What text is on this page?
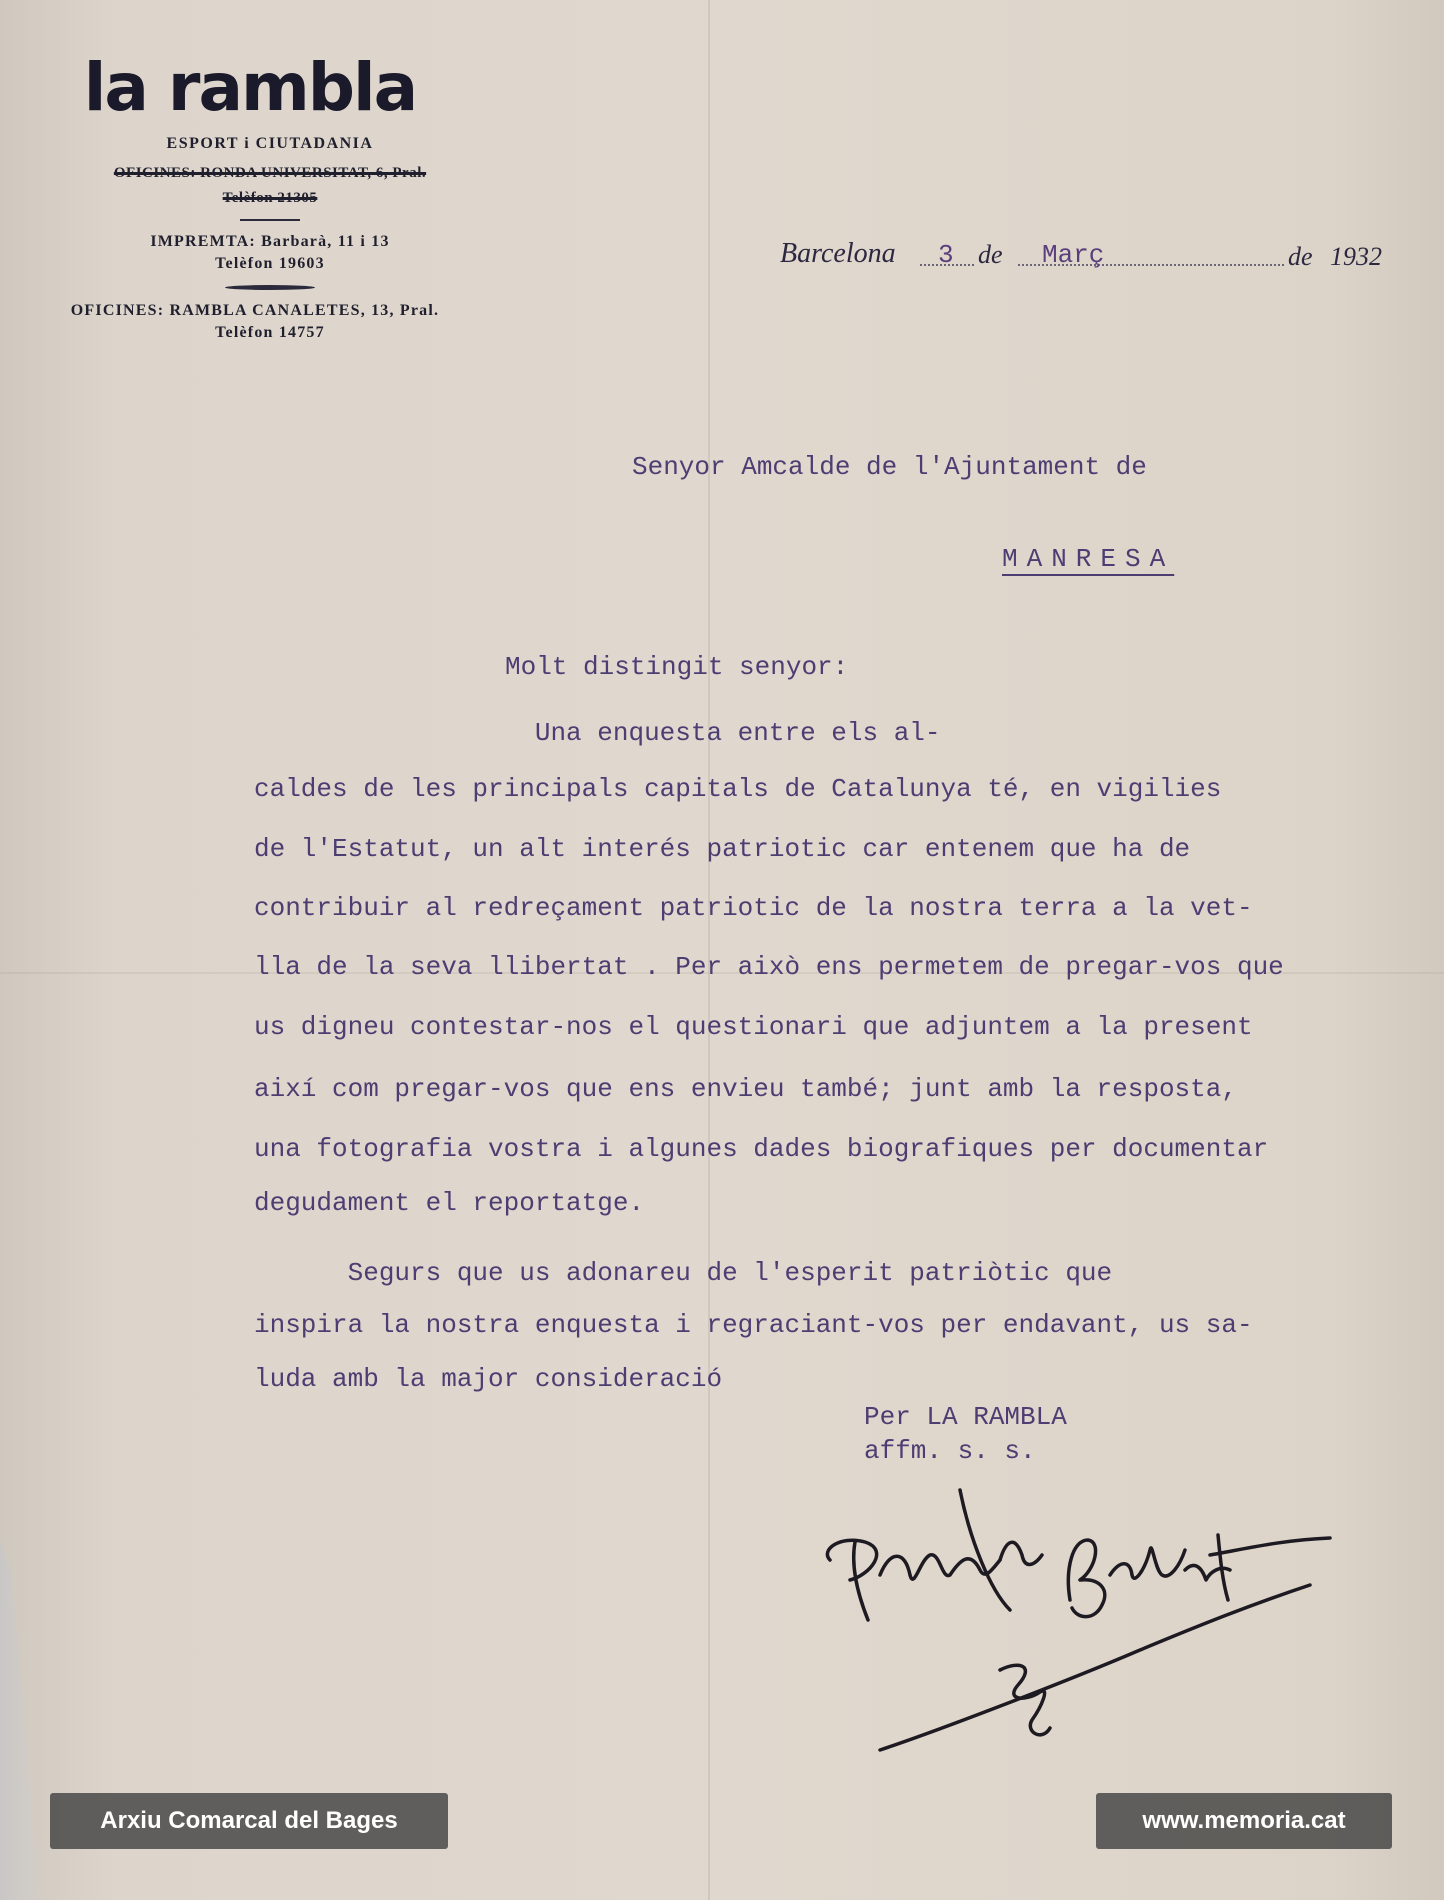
la rambla
ESPORT i CIUTADANIA
OFICINES: RONDA UNIVERSITAT, 6, Pral.
Telèfon 21305
IMPREMTA: Barbarà, 11 i 13
Telèfon 19603
OFICINES: RAMBLA CANALETES, 13, Pral.
Telèfon 14757
Barcelona 3 de Març	de 1932
Senyor Amcalde de l'Ajuntament de
MANRESA
Molt distingit senyor:
Una enquesta entre els al-
caldes de les principals capitals de Catalunya té, en vigilies
de l'Estatut, un alt interés patriotic car entenem que ha de
contribuir al redreçament patriotic de la nostra terra a la vet-
lla de la seva llibertat . Per això ens permetem de pregar-vos que
us digneu contestar-nos el questionari que adjuntem a la present
així com pregar-vos que ens envieu també; junt amb la resposta,
una fotografia vostra i algunes dades biografiques per documentar
degudament el reportatge.
Segurs que us adonareu de l'esperit patriòtic que
inspira la nostra enquesta i regraciant-vos per endavant, us sa-
luda amb la major consideració
Per LA RAMBLA
affm. s. s.
Arxiu Comarcal del Bages	www.memoria.cat
